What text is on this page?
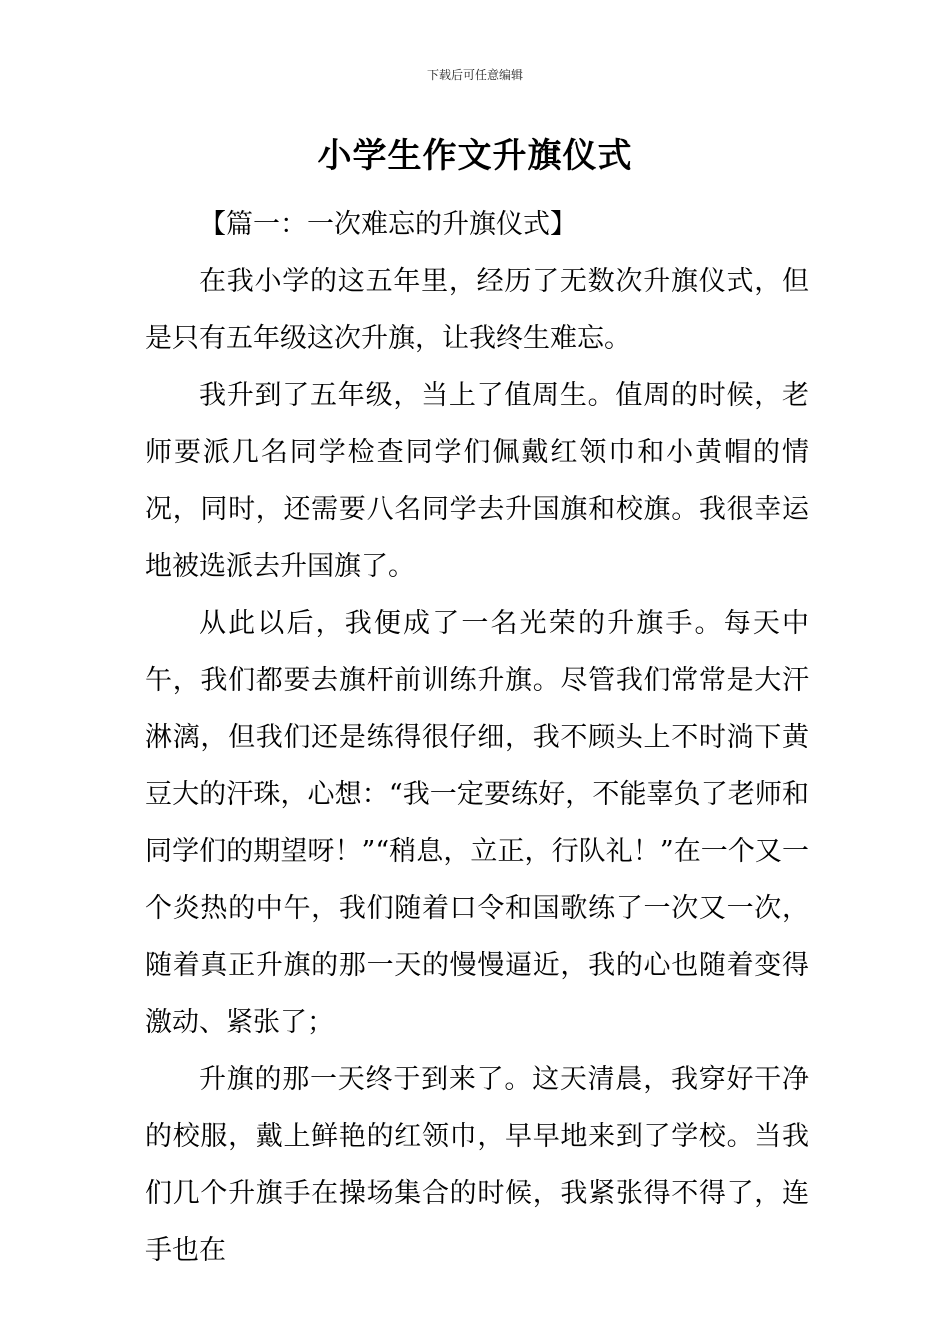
下载后可任意编辑
小学生作文升旗仪式

【篇一：一次难忘的升旗仪式】

在我小学的这五年里，经历了无数次升旗仪式，但是只有五年级这次升旗，让我终生难忘。

我升到了五年级，当上了值周生。值周的时候，老师要派几名同学检查同学们佩戴红领巾和小黄帽的情况，同时，还需要八名同学去升国旗和校旗。我很幸运地被选派去升国旗了。

从此以后，我便成了一名光荣的升旗手。每天中午，我们都要去旗杆前训练升旗。尽管我们常常是大汗淋漓，但我们还是练得很仔细，我不顾头上不时淌下黄豆大的汗珠，心想：“我一定要练好，不能辜负了老师和同学们的期望呀！”“稍息，立正，行队礼！”在一个又一个炎热的中午，我们随着口令和国歌练了一次又一次，随着真正升旗的那一天的慢慢逼近，我的心也随着变得激动、紧张了；

升旗的那一天终于到来了。这天清晨，我穿好干净的校服，戴上鲜艳的红领巾，早早地来到了学校。当我们几个升旗手在操场集合的时候，我紧张得不得了，连手也在
